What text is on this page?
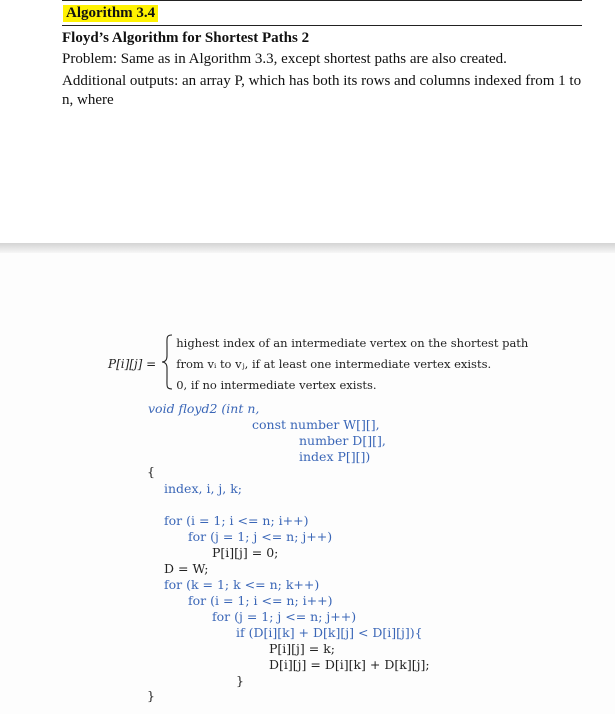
Algorithm 3.4
Floyd’s Algorithm for Shortest Paths 2
Problem: Same as in Algorithm 3.3, except shortest paths are also created.
Additional outputs: an array P, which has both its rows and columns indexed from 1 to n, where
P[i][j] =
highest index of an intermediate vertex on the shortest path
from vᵢ to vⱼ, if at least one intermediate vertex exists.
0, if no intermediate vertex exists.
void floyd2 (int n,
const number W[][],
number D[][],
index P[][])
{
index, i, j, k;
for (i = 1; i <= n; i++)
for (j = 1; j <= n; j++)
P[i][j] = 0;
D = W;
for (k = 1; k <= n; k++)
for (i = 1; i <= n; i++)
for (j = 1; j <= n; j++)
if (D[i][k] + D[k][j] < D[i][j]){
P[i][j] = k;
D[i][j] = D[i][k] + D[k][j];
}
}
